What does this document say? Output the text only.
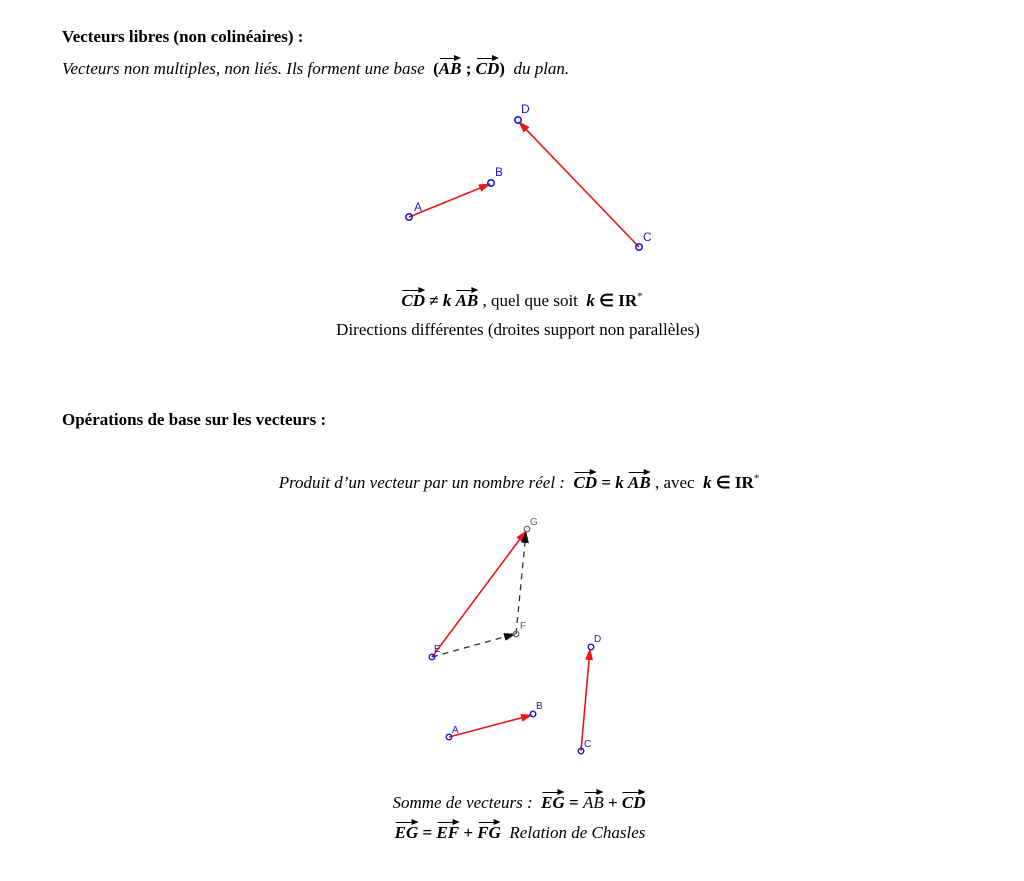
Vecteurs libres (non colinéaires) :
Vecteurs non multiples, non liés. Ils forment une base (AB ; CD) du plan.
CD ≠ k AB , quel que soit k ∈ IR*
Directions différentes (droites support non parallèles)
Opérations de base sur les vecteurs :
Produit d’un vecteur par un nombre réel : CD = k AB , avec k ∈ IR*
Somme de vecteurs : EG = AB + CD
EG = EF + FG Relation de Chasles
A
B
C
D
E
F
G
A
B
C
D
